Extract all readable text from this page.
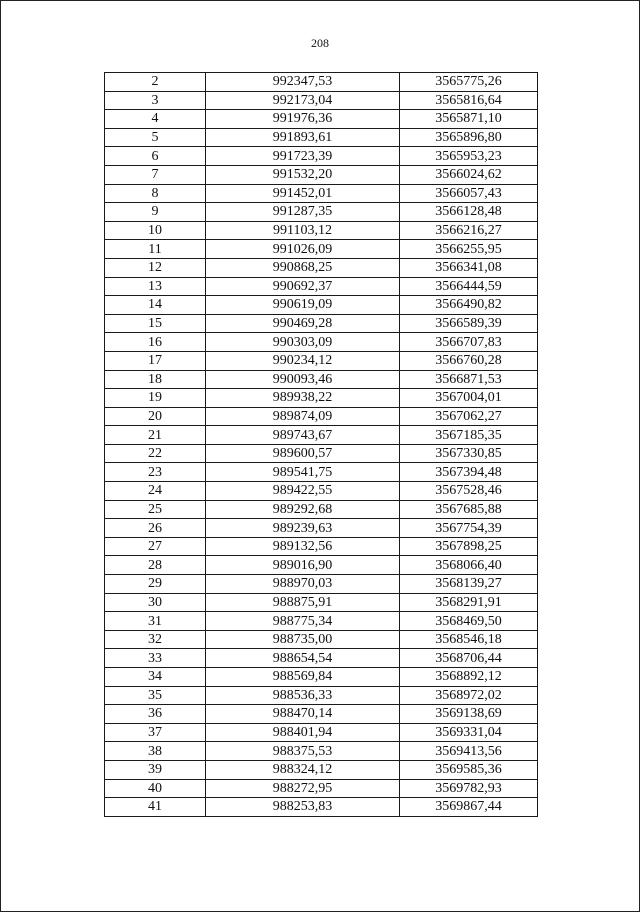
208
2	992347,53	3565775,26
3	992173,04	3565816,64
4	991976,36	3565871,10
5	991893,61	3565896,80
6	991723,39	3565953,23
7	991532,20	3566024,62
8	991452,01	3566057,43
9	991287,35	3566128,48
10	991103,12	3566216,27
11	991026,09	3566255,95
12	990868,25	3566341,08
13	990692,37	3566444,59
14	990619,09	3566490,82
15	990469,28	3566589,39
16	990303,09	3566707,83
17	990234,12	3566760,28
18	990093,46	3566871,53
19	989938,22	3567004,01
20	989874,09	3567062,27
21	989743,67	3567185,35
22	989600,57	3567330,85
23	989541,75	3567394,48
24	989422,55	3567528,46
25	989292,68	3567685,88
26	989239,63	3567754,39
27	989132,56	3567898,25
28	989016,90	3568066,40
29	988970,03	3568139,27
30	988875,91	3568291,91
31	988775,34	3568469,50
32	988735,00	3568546,18
33	988654,54	3568706,44
34	988569,84	3568892,12
35	988536,33	3568972,02
36	988470,14	3569138,69
37	988401,94	3569331,04
38	988375,53	3569413,56
39	988324,12	3569585,36
40	988272,95	3569782,93
41	988253,83	3569867,44
